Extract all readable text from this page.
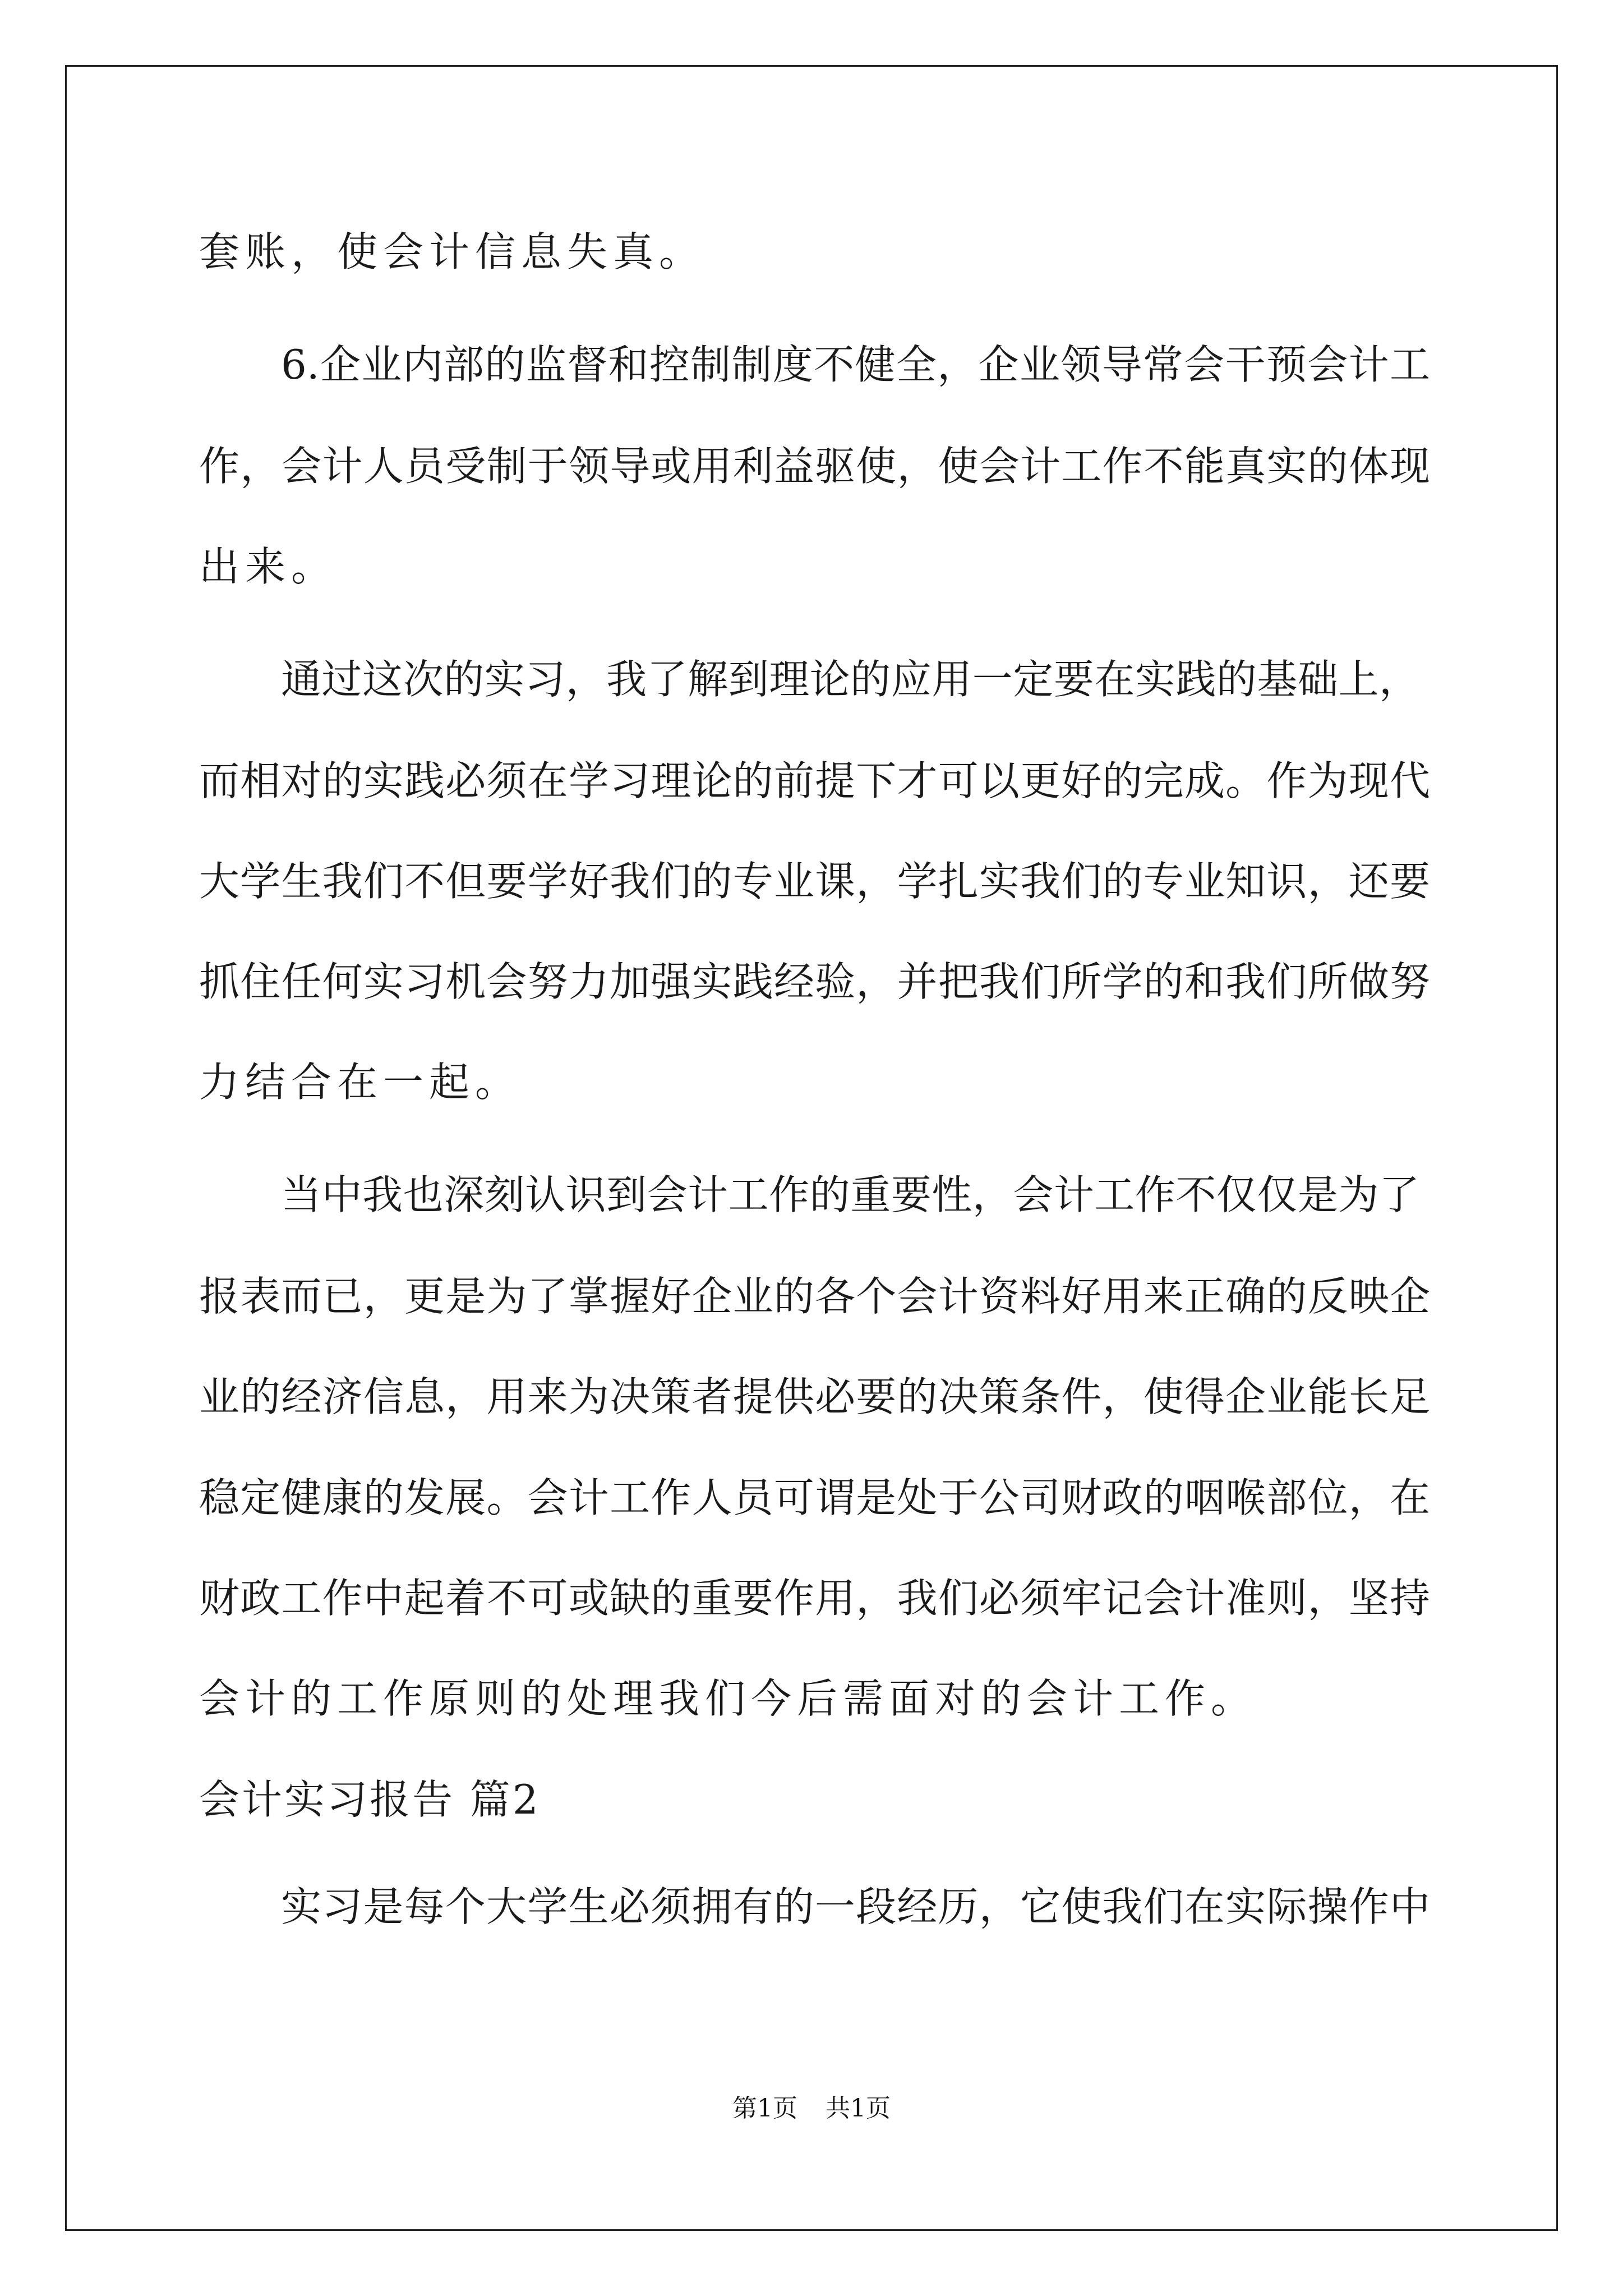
套账，使会计信息失真。
6.企业内部的监督和控制制度不健全，企业领导常会干预会计工
作，会计人员受制于领导或用利益驱使，使会计工作不能真实的体现
出来。
通过这次的实习，我了解到理论的应用一定要在实践的基础上，
而相对的实践必须在学习理论的前提下才可以更好的完成。作为现代
大学生我们不但要学好我们的专业课，学扎实我们的专业知识，还要
抓住任何实习机会努力加强实践经验，并把我们所学的和我们所做努
力结合在一起。
当中我也深刻认识到会计工作的重要性，会计工作不仅仅是为了
报表而已，更是为了掌握好企业的各个会计资料好用来正确的反映企
业的经济信息，用来为决策者提供必要的决策条件，使得企业能长足
稳定健康的发展。会计工作人员可谓是处于公司财政的咽喉部位，在
财政工作中起着不可或缺的重要作用，我们必须牢记会计准则，坚持
会计的工作原则的处理我们今后需面对的会计工作。
会计实习报告 篇2
实习是每个大学生必须拥有的一段经历，它使我们在实际操作中
第1页 共1页
